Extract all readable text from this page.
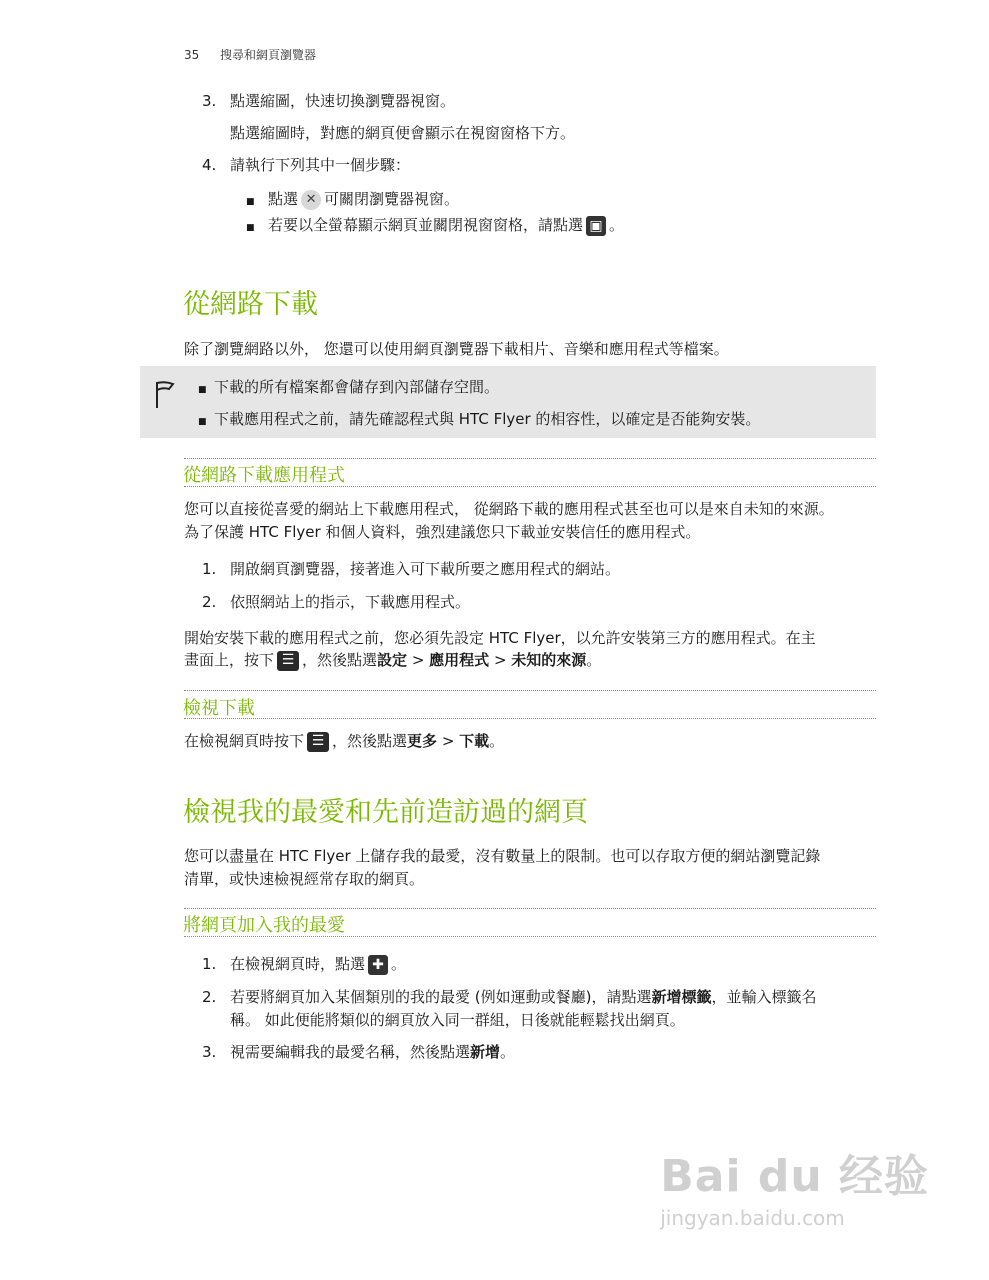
35 搜尋和網頁瀏覽器
3. 點選縮圖，快速切換瀏覽器視窗。
點選縮圖時，對應的網頁便會顯示在視窗窗格下方。
4. 請執行下列其中一個步驟：
■ 點選 ✕ 可關閉瀏覽器視窗。
■ 若要以全螢幕顯示網頁並關閉視窗窗格，請點選 ▣ 。
從網路下載
除了瀏覽網路以外， 您還可以使用網頁瀏覽器下載相片、音樂和應用程式等檔案。
■ 下載的所有檔案都會儲存到內部儲存空間。
■ 下載應用程式之前，請先確認程式與 HTC Flyer 的相容性，以確定是否能夠安裝。
從網路下載應用程式
您可以直接從喜愛的網站上下載應用程式， 從網路下載的應用程式甚至也可以是來自未知的來源。
為了保護 HTC Flyer 和個人資料，強烈建議您只下載並安裝信任的應用程式。
1. 開啟網頁瀏覽器，接著進入可下載所要之應用程式的網站。
2. 依照網站上的指示，下載應用程式。
開始安裝下載的應用程式之前，您必須先設定 HTC Flyer，以允許安裝第三方的應用程式。在主
畫面上，按下 ☰ ，然後點選設定 > 應用程式 > 未知的來源。
檢視下載
在檢視網頁時按下 ☰ ，然後點選更多 > 下載。
檢視我的最愛和先前造訪過的網頁
您可以盡量在 HTC Flyer 上儲存我的最愛，沒有數量上的限制。也可以存取方便的網站瀏覽記錄
清單，或快速檢視經常存取的網頁。
將網頁加入我的最愛
1. 在檢視網頁時，點選 ✚ 。
2. 若要將網頁加入某個類別的我的最愛 (例如運動或餐廳)，請點選新增標籤，並輸入標籤名
稱。 如此便能將類似的網頁放入同一群組，日後就能輕鬆找出網頁。
3. 視需要編輯我的最愛名稱，然後點選新增。
Bai du 经验
jingyan.baidu.com
